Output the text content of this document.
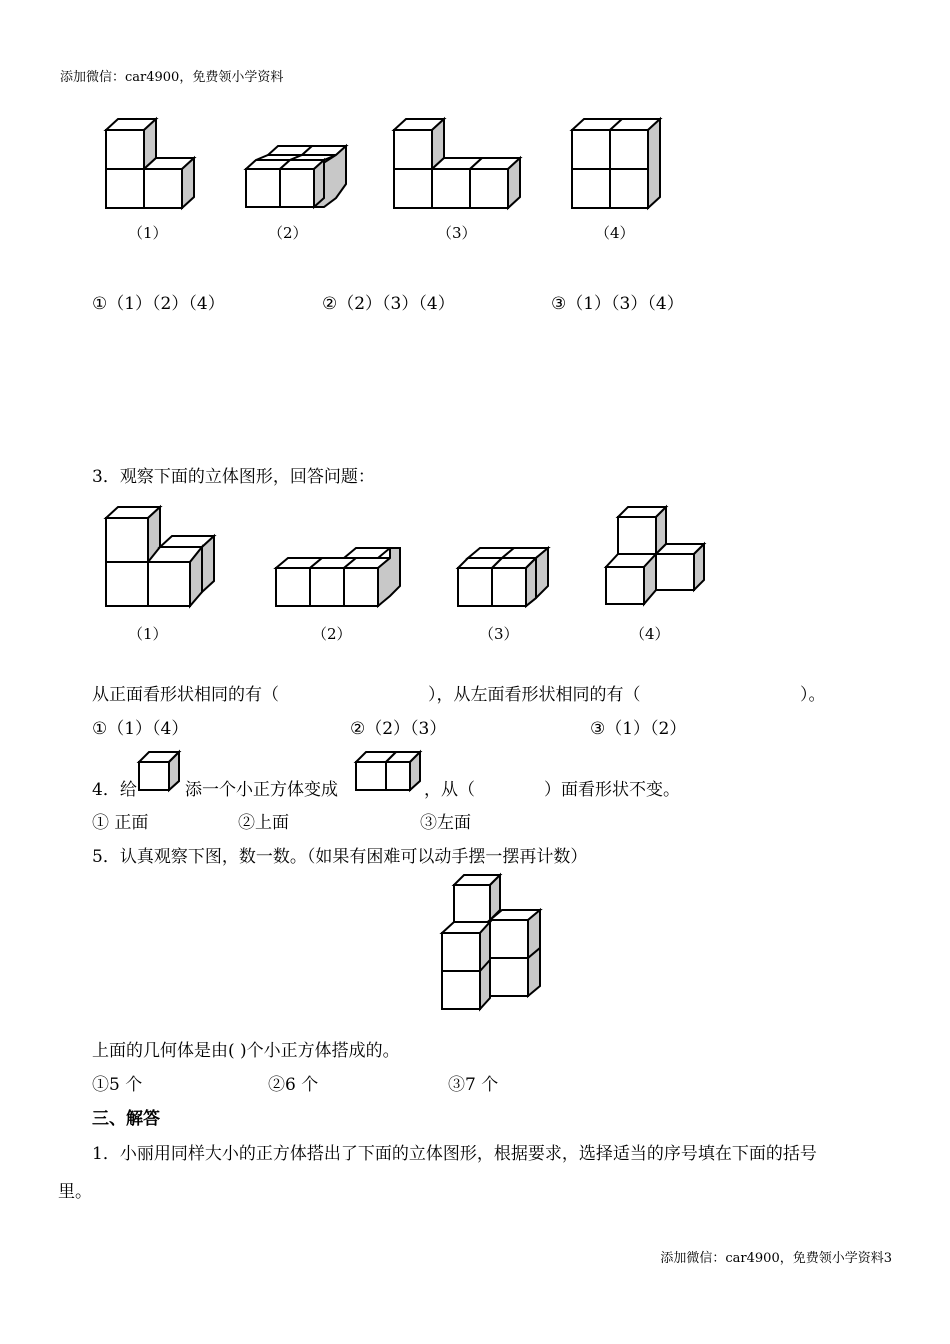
添加微信：car4900，免费领小学资料
（1）	（2）	（3）	（4）
①（1）（2）（4）	②（2）（3）（4）	③（1）（3）（4）
3．观察下面的立体图形，回答问题：
（1）	（2）	（3）	（4）
从正面看形状相同的有（	），从左面看形状相同的有（	）。
①（1）（4）	②（2）（3）	③（1）（2）
4．给	添一个小正方体变成	，从（	）面看形状不变。
① 正面	②上面	③左面
5．认真观察下图，数一数。（如果有困难可以动手摆一摆再计数）
上面的几何体是由( )个小正方体搭成的。
①5 个	②6 个	③7 个
三、解答
1．小丽用同样大小的正方体搭出了下面的立体图形，根据要求，选择适当的序号填在下面的括号
里。
添加微信：car4900，免费领小学资料3
